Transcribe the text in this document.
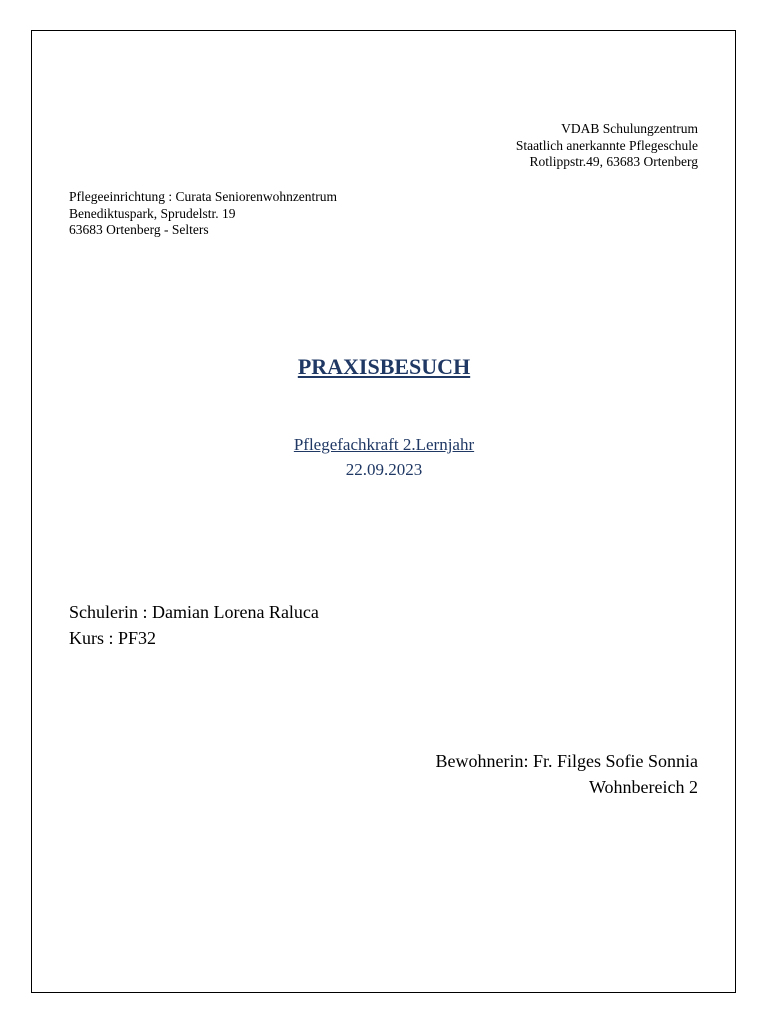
VDAB Schulungzentrum
Staatlich anerkannte Pflegeschule
Rotlippstr.49, 63683 Ortenberg
Pflegeeinrichtung : Curata Seniorenwohnzentrum
Benediktuspark, Sprudelstr. 19
63683 Ortenberg - Selters
PRAXISBESUCH
Pflegefachkraft 2.Lernjahr
22.09.2023
Schulerin : Damian Lorena Raluca
Kurs : PF32
Bewohnerin: Fr. Filges Sofie Sonnia
Wohnbereich 2
